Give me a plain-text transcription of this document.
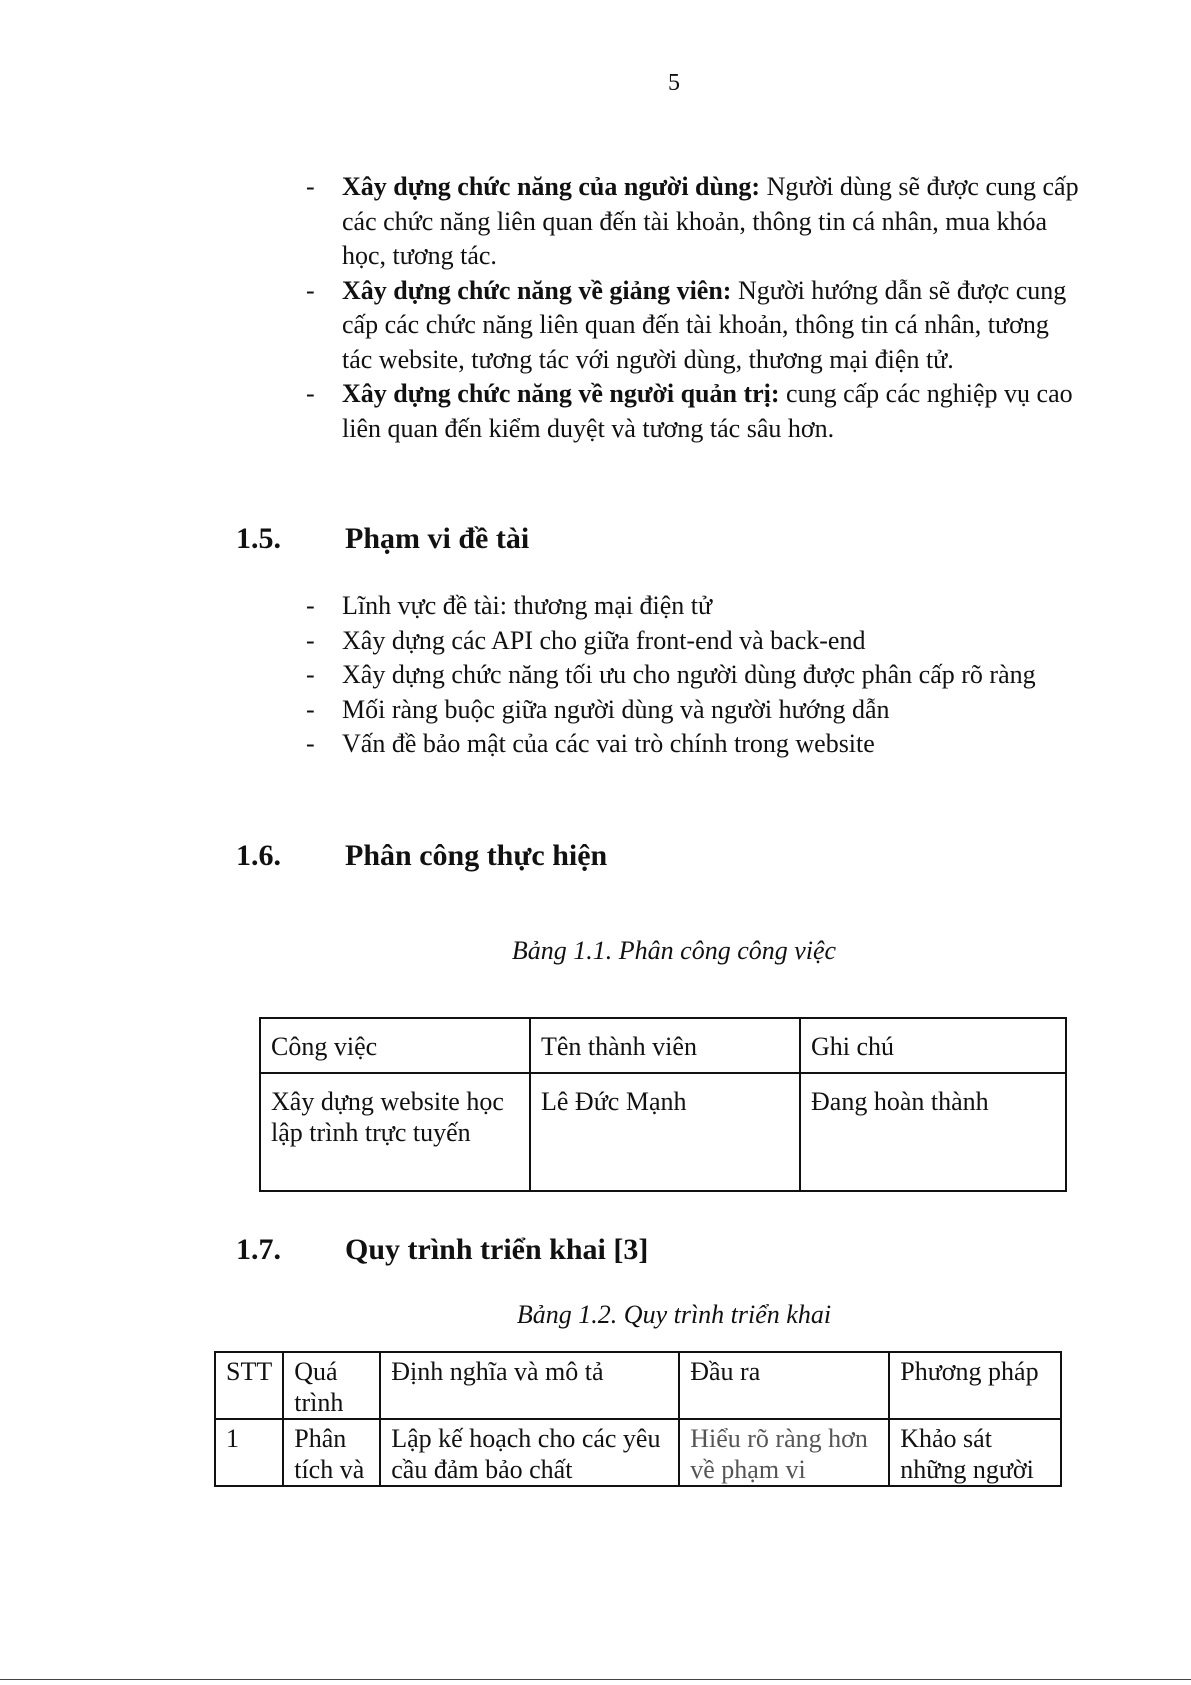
5
- Xây dựng chức năng của người dùng: Người dùng sẽ được cung cấp các chức năng liên quan đến tài khoản, thông tin cá nhân, mua khóa học, tương tác.
- Xây dựng chức năng về giảng viên: Người hướng dẫn sẽ được cung cấp các chức năng liên quan đến tài khoản, thông tin cá nhân, tương tác website, tương tác với người dùng, thương mại điện tử.
- Xây dựng chức năng về người quản trị: cung cấp các nghiệp vụ cao liên quan đến kiểm duyệt và tương tác sâu hơn.
1.5.	Phạm vi đề tài
- Lĩnh vực đề tài: thương mại điện tử
- Xây dựng các API cho giữa front-end và back-end
- Xây dựng chức năng tối ưu cho người dùng được phân cấp rõ ràng
- Mối ràng buộc giữa người dùng và người hướng dẫn
- Vấn đề bảo mật của các vai trò chính trong website
1.6.	Phân công thực hiện
Bảng 1.1. Phân công công việc
Công việc	Tên thành viên	Ghi chú
Xây dựng website học lập trình trực tuyến	Lê Đức Mạnh	Đang hoàn thành
1.7.	Quy trình triển khai [3]
Bảng 1.2. Quy trình triển khai
STT	Quá trình	Định nghĩa và mô tả	Đầu ra	Phương pháp
1	Phân tích và	Lập kế hoạch cho các yêu cầu đảm bảo chất	Hiểu rõ ràng hơn về phạm vi	Khảo sát những người
